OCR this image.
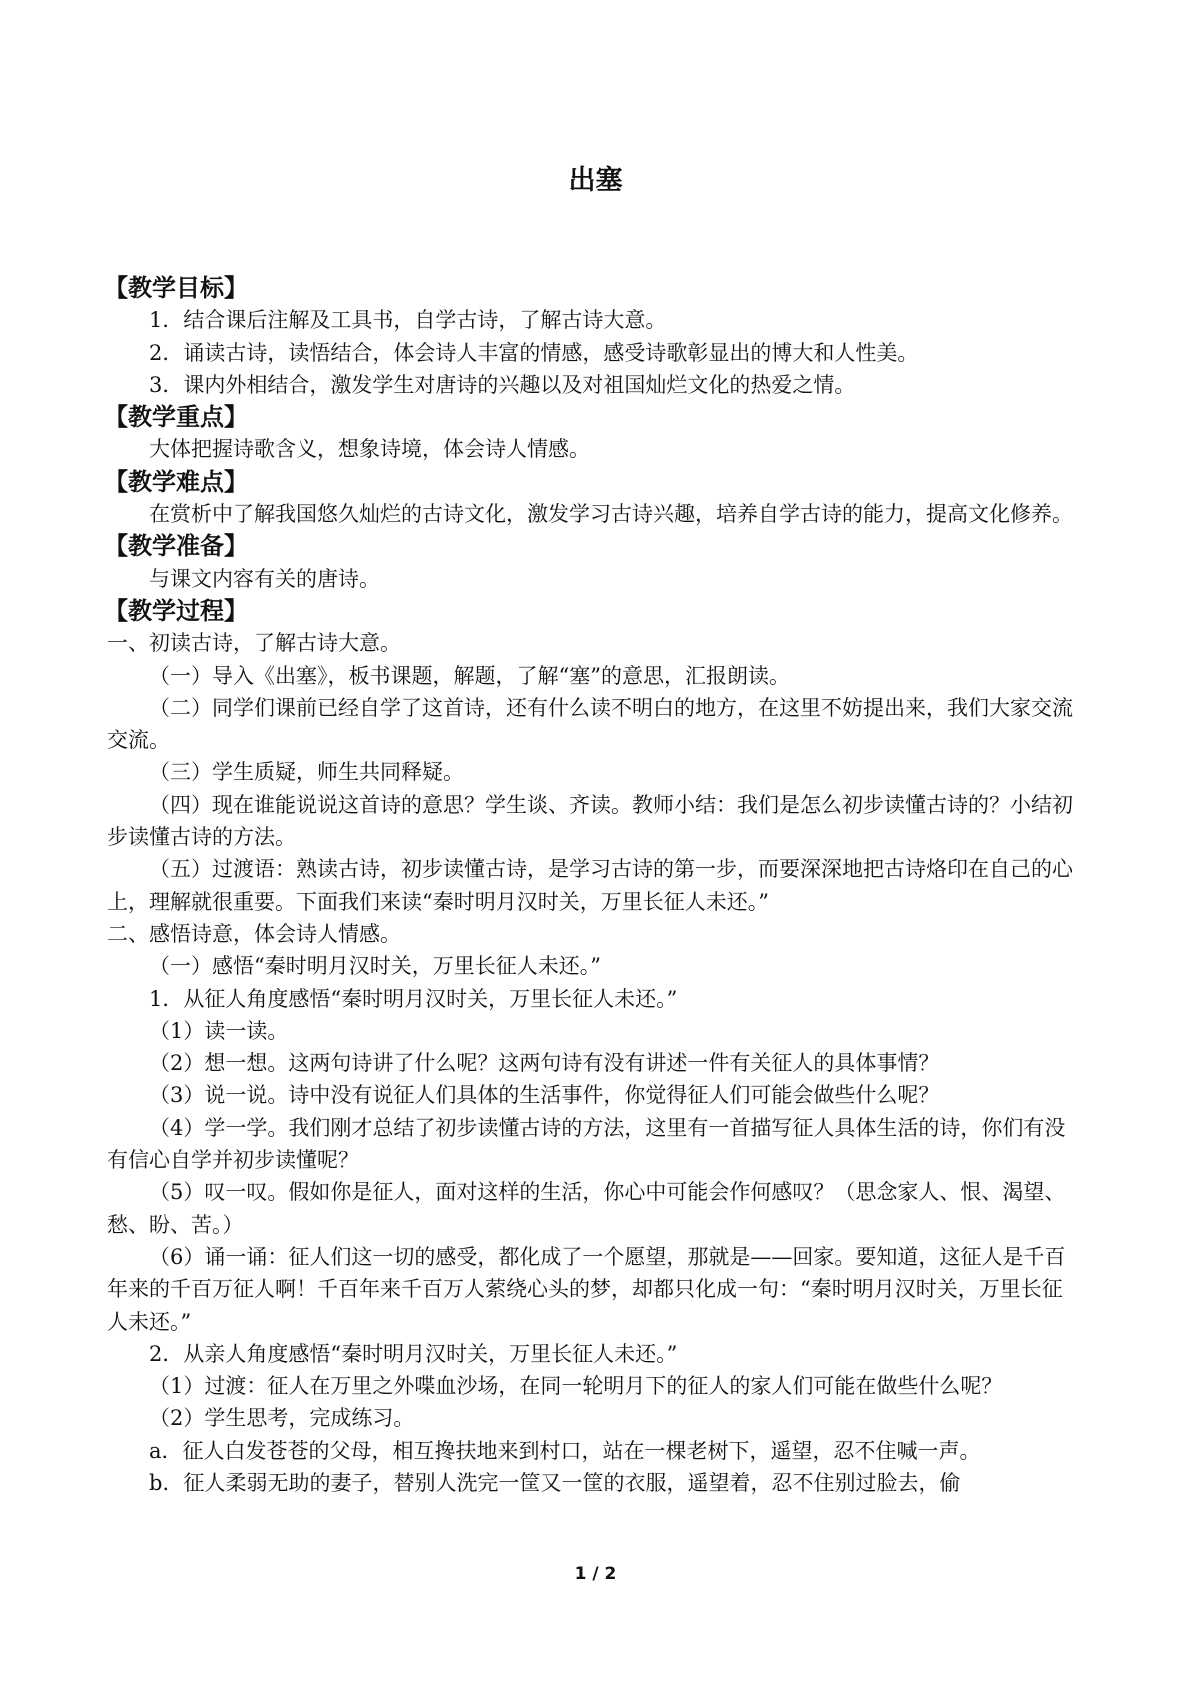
出塞

【教学目标】

1．结合课后注解及工具书，自学古诗，了解古诗大意。

2．诵读古诗，读悟结合，体会诗人丰富的情感，感受诗歌彰显出的博大和人性美。

3．课内外相结合，激发学生对唐诗的兴趣以及对祖国灿烂文化的热爱之情。

【教学重点】

大体把握诗歌含义，想象诗境，体会诗人情感。

【教学难点】

在赏析中了解我国悠久灿烂的古诗文化，激发学习古诗兴趣，培养自学古诗的能力，提高文化修养。

【教学准备】

与课文内容有关的唐诗。

【教学过程】

一、初读古诗，了解古诗大意。

（一）导入《出塞》，板书课题，解题，了解“塞”的意思，汇报朗读。

（二）同学们课前已经自学了这首诗，还有什么读不明白的地方，在这里不妨提出来，我们大家交流交流。

（三）学生质疑，师生共同释疑。

（四）现在谁能说说这首诗的意思？学生谈、齐读。教师小结：我们是怎么初步读懂古诗的？小结初步读懂古诗的方法。

（五）过渡语：熟读古诗，初步读懂古诗，是学习古诗的第一步，而要深深地把古诗烙印在自己的心上，理解就很重要。下面我们来读“秦时明月汉时关，万里长征人未还。”

二、感悟诗意，体会诗人情感。

（一）感悟“秦时明月汉时关，万里长征人未还。”

1．从征人角度感悟“秦时明月汉时关，万里长征人未还。”

（1）读一读。

（2）想一想。这两句诗讲了什么呢？这两句诗有没有讲述一件有关征人的具体事情？

（3）说一说。诗中没有说征人们具体的生活事件，你觉得征人们可能会做些什么呢？

（4）学一学。我们刚才总结了初步读懂古诗的方法，这里有一首描写征人具体生活的诗，你们有没有信心自学并初步读懂呢？

（5）叹一叹。假如你是征人，面对这样的生活，你心中可能会作何感叹？（思念家人、恨、渴望、愁、盼、苦。）

（6）诵一诵：征人们这一切的感受，都化成了一个愿望，那就是——回家。要知道，这征人是千百年来的千百万征人啊！千百年来千百万人萦绕心头的梦，却都只化成一句：“秦时明月汉时关，万里长征人未还。”

2．从亲人角度感悟“秦时明月汉时关，万里长征人未还。”

（1）过渡：征人在万里之外喋血沙场，在同一轮明月下的征人的家人们可能在做些什么呢？

（2）学生思考，完成练习。

a．征人白发苍苍的父母，相互搀扶地来到村口，站在一棵老树下，遥望，忍不住喊一声。

b．征人柔弱无助的妻子，替别人洗完一筐又一筐的衣服，遥望着，忍不住别过脸去，偷

1 / 2
